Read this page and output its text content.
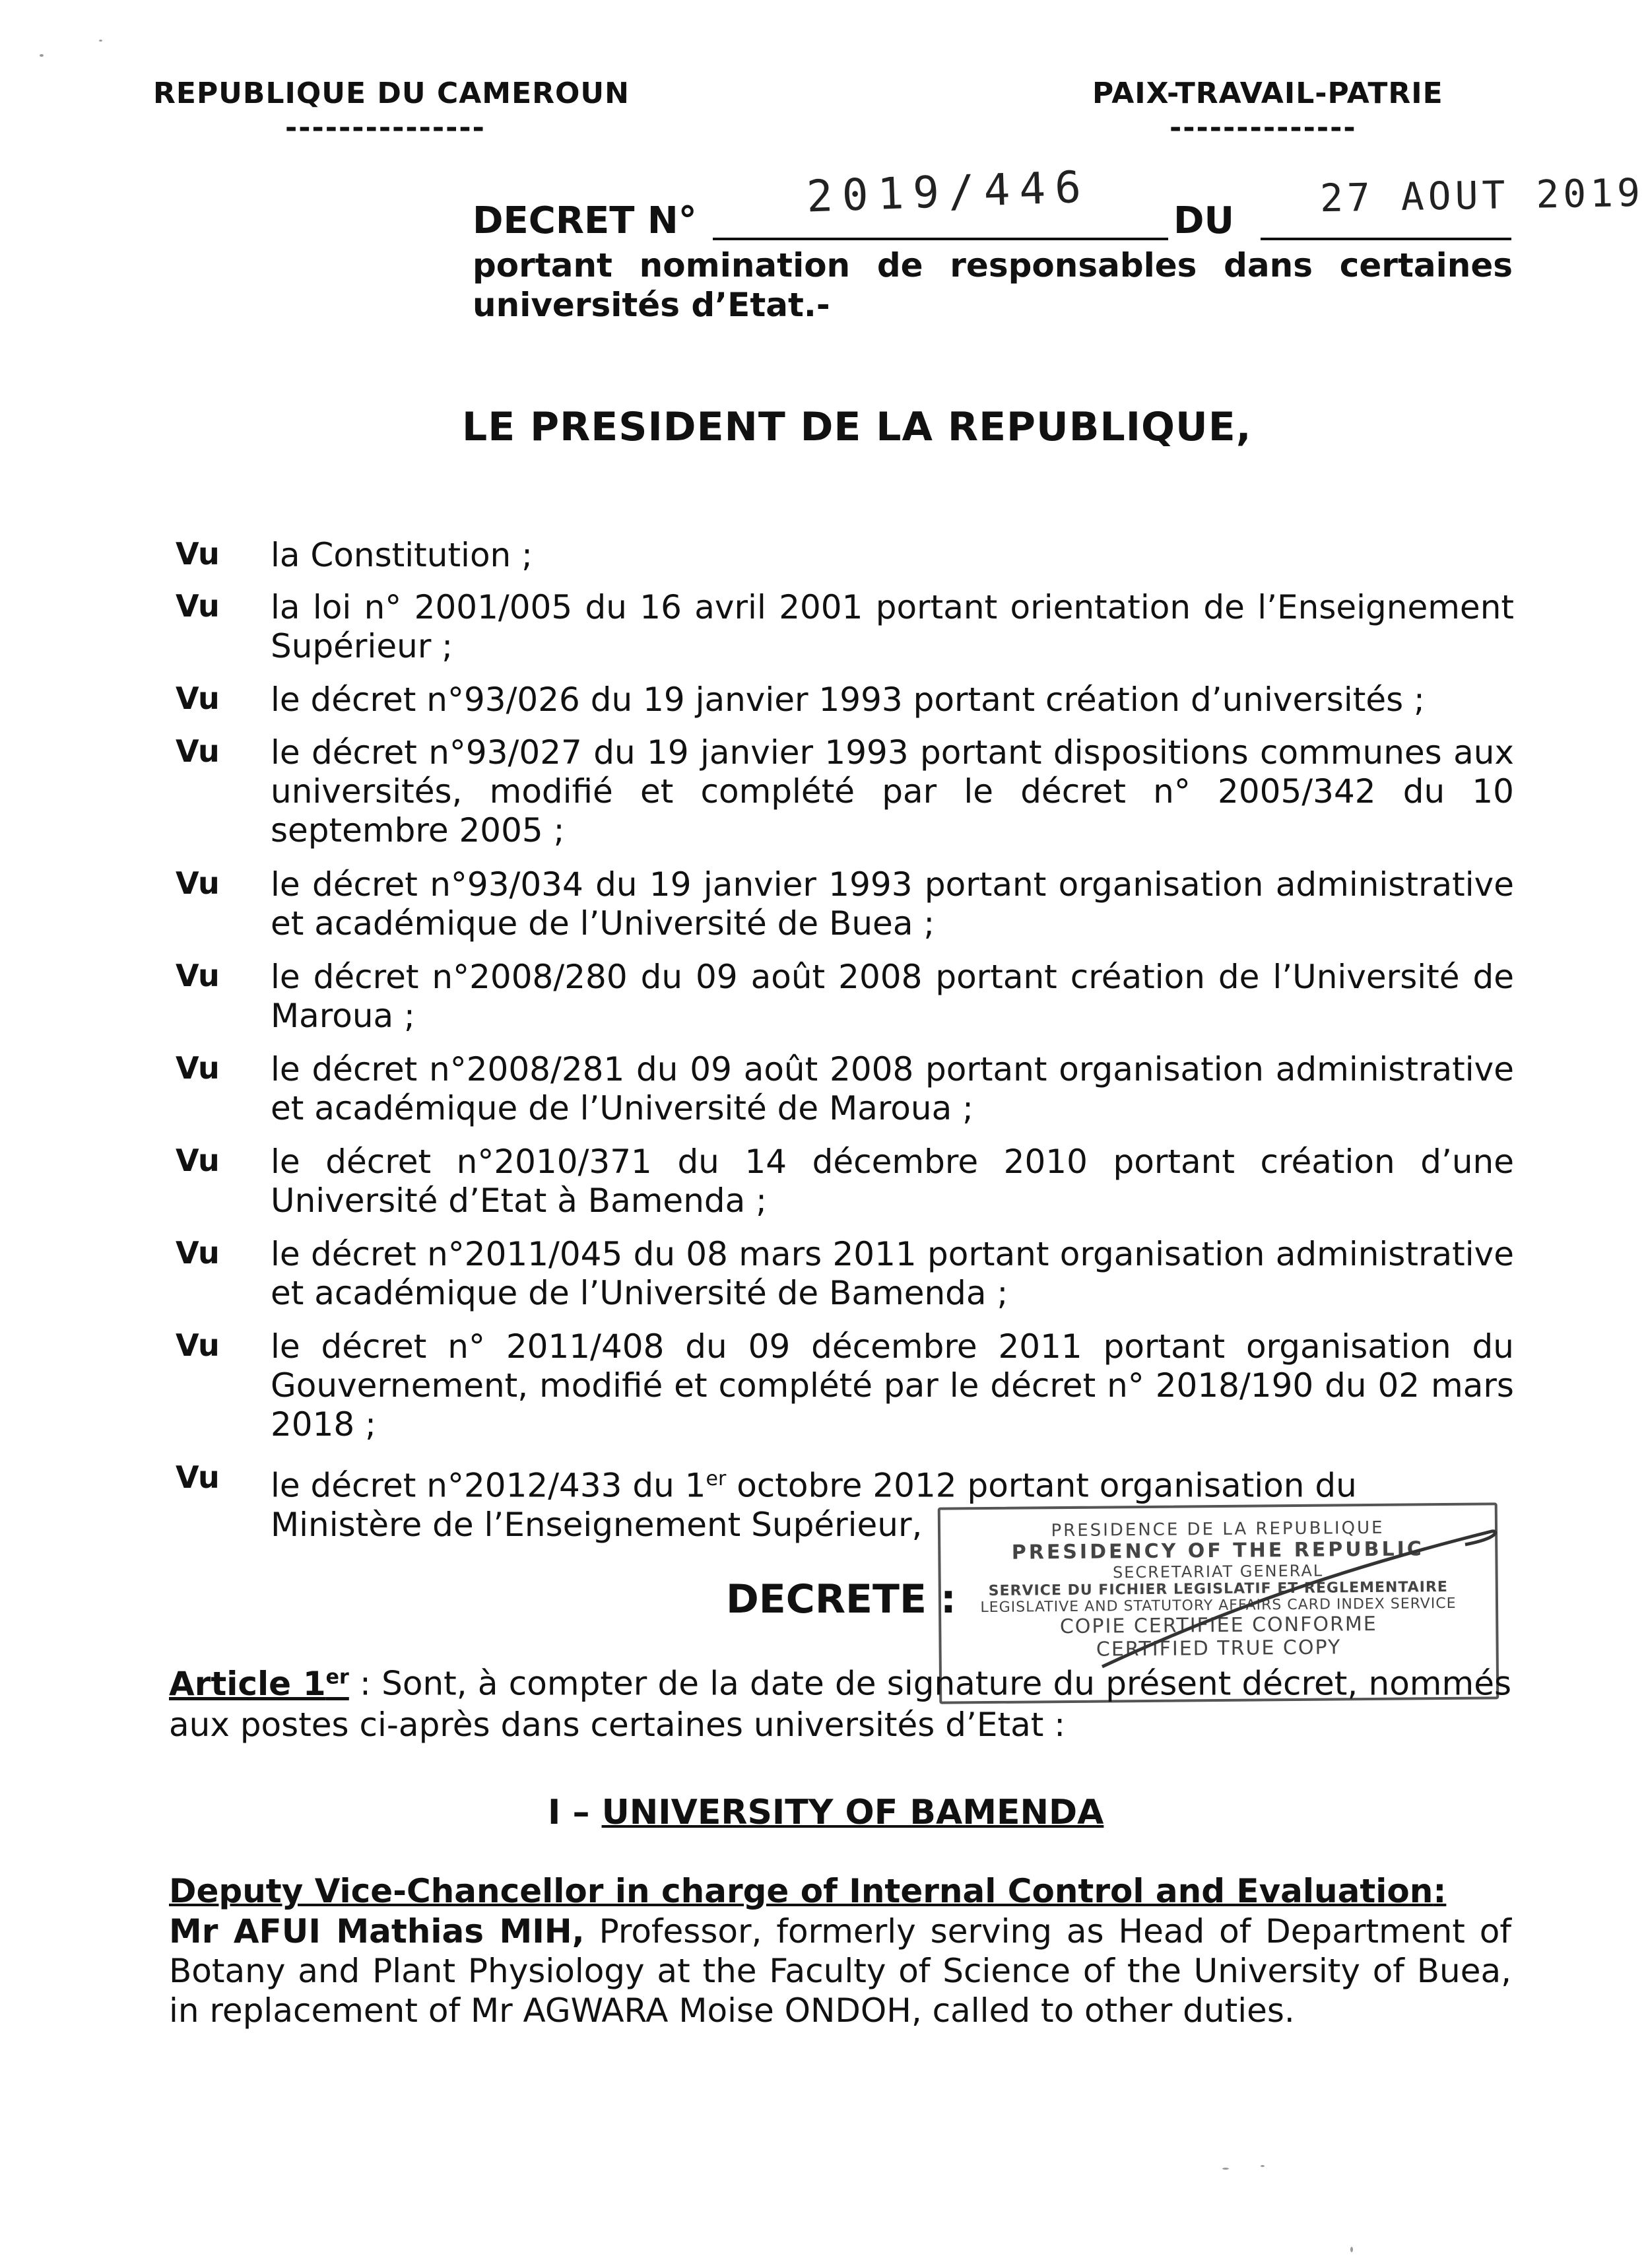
REPUBLIQUE DU CAMEROUN
---------------
PAIX-TRAVAIL-PATRIE
--------------
DECRET N°	2019/446 DU
27 AOUT 2019
portant nomination de responsables dans certaines universités d’Etat.-
LE PRESIDENT DE LA REPUBLIQUE,
Vu la Constitution ;
Vu la loi n° 2001/005 du 16 avril 2001 portant orientation de l’Enseignement Supérieur ;
Vu le décret n°93/026 du 19 janvier 1993 portant création d’universités ;
Vu le décret n°93/027 du 19 janvier 1993 portant dispositions communes aux universités, modifié et complété par le décret n° 2005/342 du 10 septembre 2005 ;
Vu le décret n°93/034 du 19 janvier 1993 portant organisation administrative et académique de l’Université de Buea ;
Vu le décret n°2008/280 du 09 août 2008 portant création de l’Université de Maroua ;
Vu le décret n°2008/281 du 09 août 2008 portant organisation administrative et académique de l’Université de Maroua ;
Vu le décret n°2010/371 du 14 décembre 2010 portant création d’une Université d’Etat à Bamenda ;
Vu le décret n°2011/045 du 08 mars 2011 portant organisation administrative et académique de l’Université de Bamenda ;
Vu le décret n° 2011/408 du 09 décembre 2011 portant organisation du Gouvernement, modifié et complété par le décret n° 2018/190 du 02 mars 2018 ;
Vu le décret n°2012/433 du 1er octobre 2012 portant organisation du
Ministère de l’Enseignement Supérieur,	PRESIDENCE DE LA REPUBLIQUE
PRESIDENCY OF THE REPUBLIC
SECRETARIAT GENERAL
SERVICE DU FICHIER LEGISLATIF ET REGLEMENTAIRE
LEGISLATIVE AND STATUTORY AFFAIRS CARD INDEX SERVICE
COPIE CERTIFIEE CONFORME
CERTIFIED TRUE COPY
DECRETE :
Article 1er : Sont, à compter de la date de signature du présent décret, nommés aux postes ci-après dans certaines universités d’Etat :
I – UNIVERSITY OF BAMENDA
Deputy Vice-Chancellor in charge of Internal Control and Evaluation:
Mr AFUI Mathias MIH, Professor, formerly serving as Head of Department of Botany and Plant Physiology at the Faculty of Science of the University of Buea, in replacement of Mr AGWARA Moise ONDOH, called to other duties.
